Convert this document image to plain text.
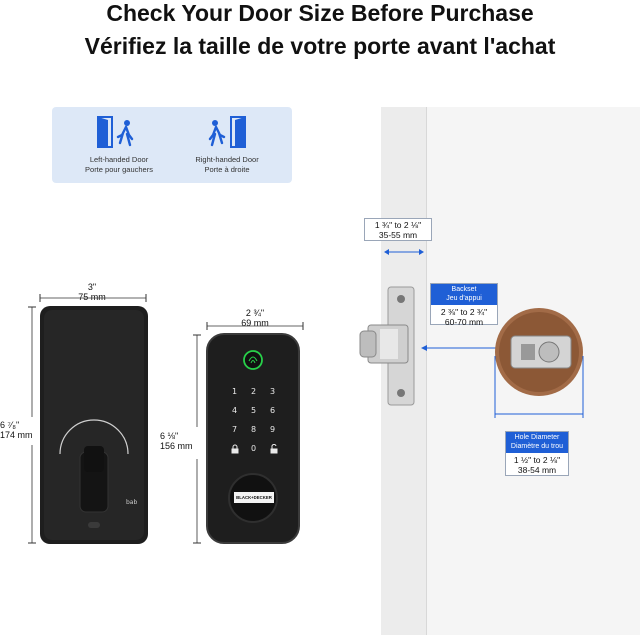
Check Your Door Size Before Purchase
Vérifiez la taille de votre porte avant l'achat
Left-handed Door
Porte pour gauchers
Right-handed Door
Porte à droite
3"
75 mm
6 ⁷⁄₈"
174 mm
bab
2 ¾"
69 mm
6 ⅛"
156 mm
1 2 3
4 5 6
7 8 9
0
BLACK+DECKER
1 ¾" to 2 ⅛"
35-55 mm
Backset
Jeu d'appui
2 ⅜" to 2 ¾"
60-70 mm
Hole Diameter
Diamètre du trou
1 ½" to 2 ⅛"
38-54 mm
